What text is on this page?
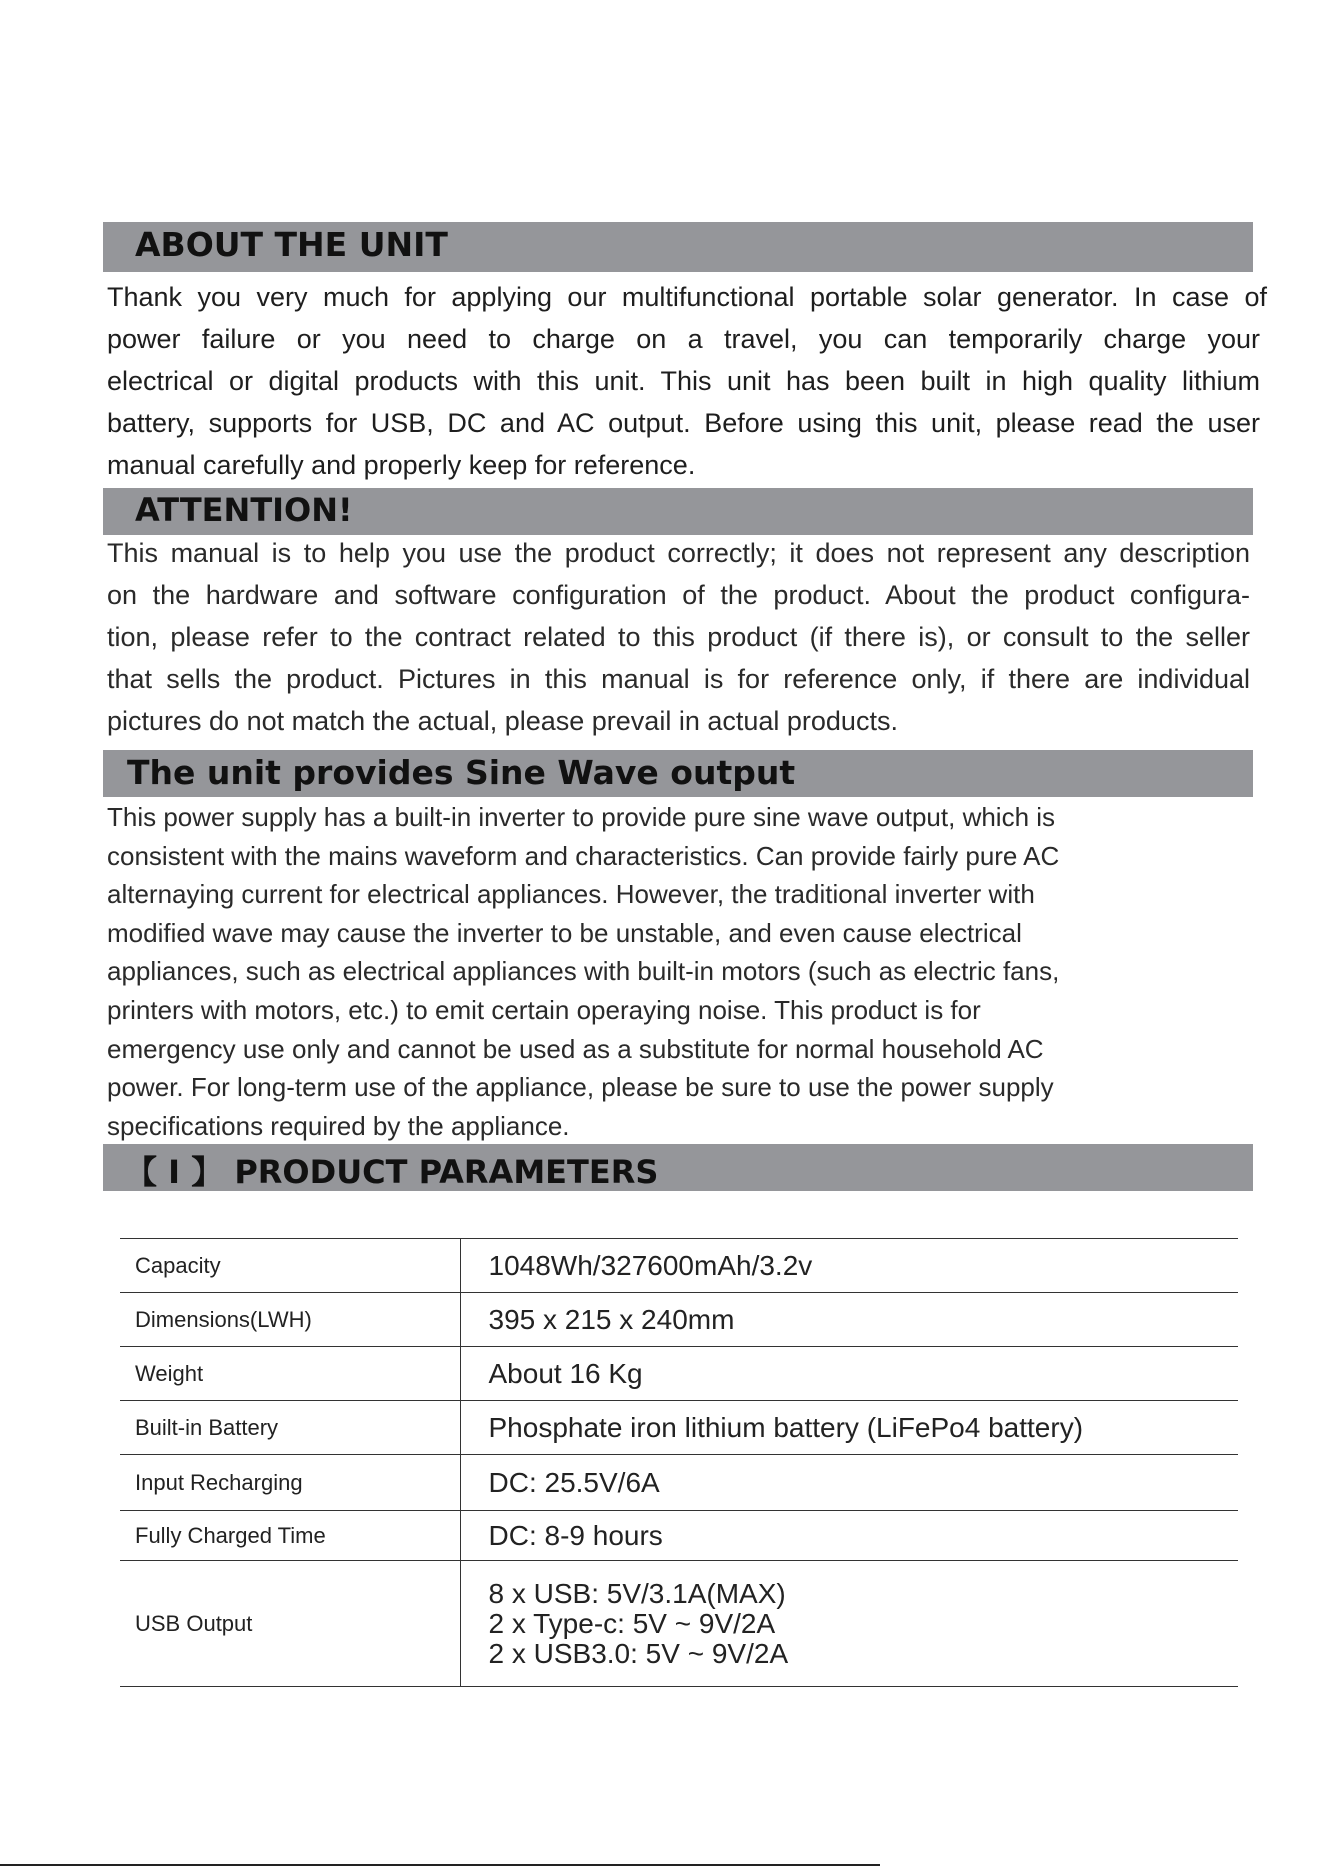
ABOUT THE UNIT

Thank you very much for applying our multifunctional portable solar generator. In case of
power failure or you need to charge on a travel, you can temporarily charge your
electrical or digital products with this unit. This unit has been built in high quality lithium
battery, supports for USB, DC and AC output. Before using this unit, please read the user
manual carefully and properly keep for reference.

ATTENTION!

This manual is to help you use the product correctly; it does not represent any description
on the hardware and software configuration of the product. About the product configura-
tion, please refer to the contract related to this product (if there is), or consult to the seller
that sells the product. Pictures in this manual is for reference only, if there are individual
pictures do not match the actual, please prevail in actual products.

The unit provides Sine Wave output

This power supply has a built-in inverter to provide pure sine wave output, which is
consistent with the mains waveform and characteristics. Can provide fairly pure AC
alternaying current for electrical appliances. However, the traditional inverter with
modified wave may cause the inverter to be unstable, and even cause electrical
appliances, such as electrical appliances with built-in motors (such as electric fans,
printers with motors, etc.) to emit certain operaying noise. This product is for
emergency use only and cannot be used as a substitute for normal household AC
power. For long-term use of the appliance, please be sure to use the power supply
specifications required by the appliance.

【 I 】 PRODUCT PARAMETERS
Capacity	1048Wh/327600mAh/3.2v

Dimensions(LWH)	395 x 215 x 240mm

Weight	About 16 Kg

Built-in Battery	Phosphate iron lithium battery (LiFePo4 battery)

Input Recharging	DC: 25.5V/6A

Fully Charged Time	DC: 8-9 hours

USB Output	8 x USB: 5V/3.1A(MAX)
2 x Type-c: 5V ~ 9V/2A
2 x USB3.0: 5V ~ 9V/2A
